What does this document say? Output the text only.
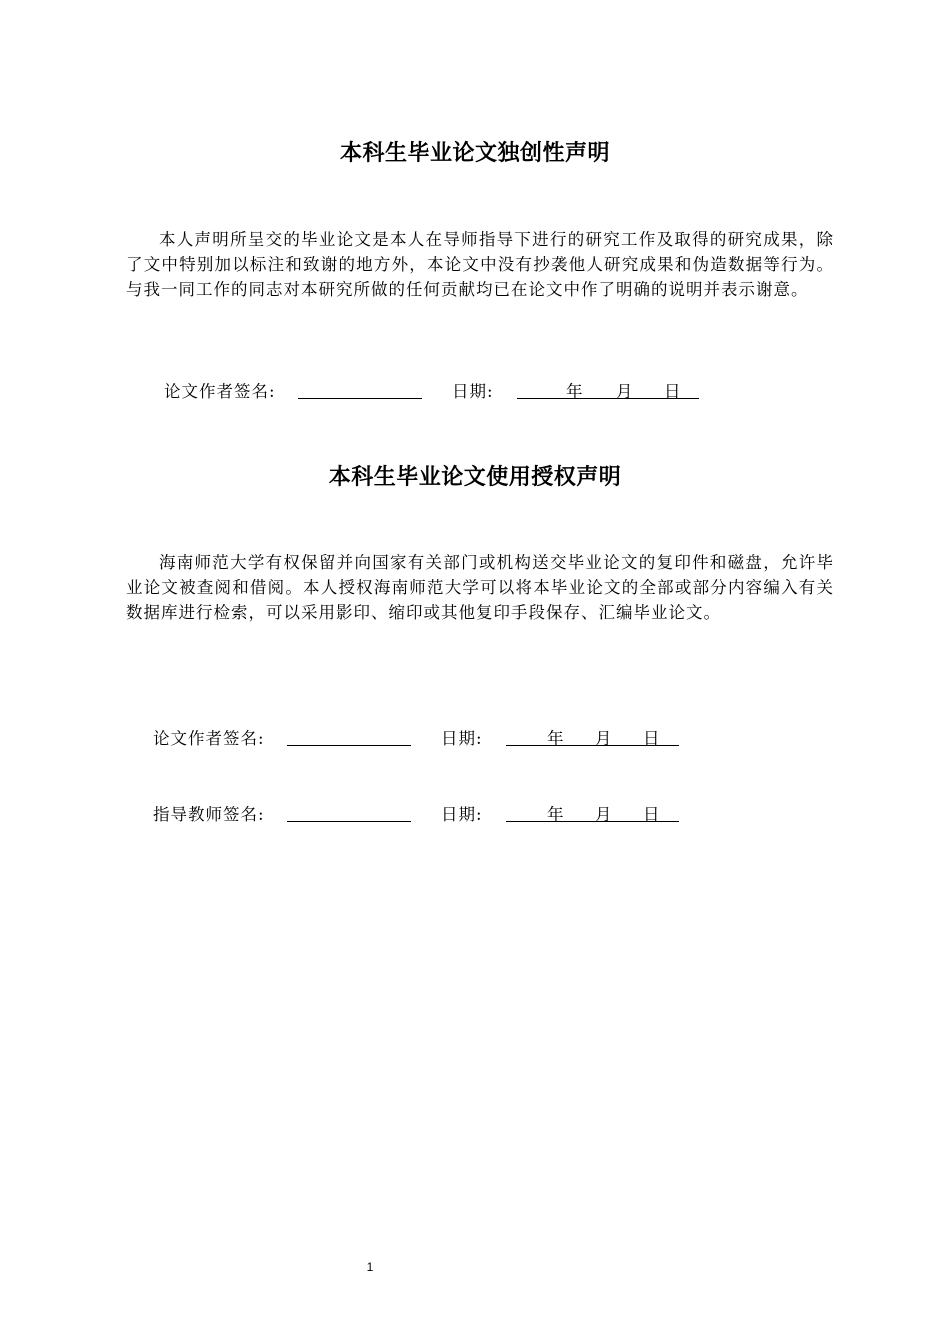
本科生毕业论文独创性声明

本人声明所呈交的毕业论文是本人在导师指导下进行的研究工作及取得的研究成果，除了文中特别加以标注和致谢的地方外，本论文中没有抄袭他人研究成果和伪造数据等行为。与我一同工作的同志对本研究所做的任何贡献均已在论文中作了明确的说明并表示谢意。

论文作者签名:	日期:	年 月 日
本科生毕业论文使用授权声明

海南师范大学有权保留并向国家有关部门或机构送交毕业论文的复印件和磁盘，允许毕业论文被查阅和借阅。本人授权海南师范大学可以将本毕业论文的全部或部分内容编入有关数据库进行检索，可以采用影印、缩印或其他复印手段保存、汇编毕业论文。

论文作者签名:	日期:	年 月 日
指导教师签名:	日期:	年 月 日
1
